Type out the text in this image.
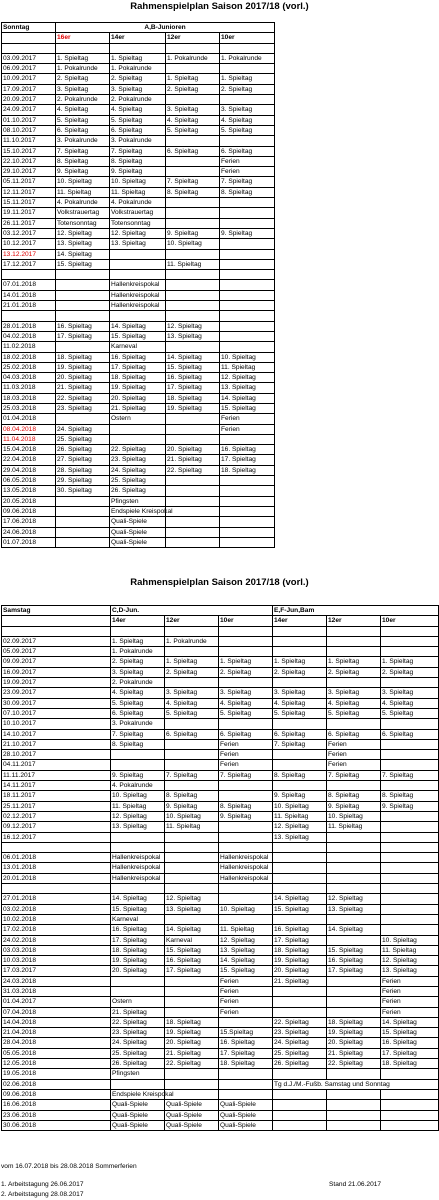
Rahmenspielplan Saison 2017/18 (vorl.)
Sonntag	A,B-Junioren			
	16er	14er	12er	10er

03.09.2017	1. Spieltag	1. Spieltag	1. Pokalrunde	1. Pokalrunde
06.09.2017	1. Pokalrunde	1. Pokalrunde		
10.09.2017	2. Spieltag	2. Spieltag	1. Spieltag	1. Spieltag
17.09.2017	3. Spieltag	3. Spieltag	2. Spieltag	2. Spieltag
20.09.2017	2. Pokalrunde	2. Pokalrunde		
24.09.2017	4. Spieltag	4. Spieltag	3. Spieltag	3. Spieltag
01.10.2017	5. Spieltag	5. Spieltag	4. Spieltag	4. Spieltag
08.10.2017	6. Spieltag	6. Spieltag	5. Spieltag	5. Spieltag
11.10.2017	3. Pokalrunde	3. Pokalrunde		
15.10.2017	7. Spieltag	7. Spieltag	6. Spieltag	6. Spieltag
22.10.2017	8. Spieltag	8. Spieltag		Ferien
29.10.2017	9. Spieltag	9. Spieltag		Ferien
05.11.2017	10. Spieltag	10. Spieltag	7. Spieltag	7. Spieltag
12.11.2017	11. Spieltag	11. Spieltag	8. Spieltag	8. Spieltag
15.11.2017	4. Pokalrunde	4. Pokalrunde		
19.11.2017	Volkstrauertag	Volkstrauertag		
26.11.2017	Totensonntag	Totensonntag		
03.12.2017	12. Spieltag	12. Spieltag	9. Spieltag	9. Spieltag
10.12.2017	13. Spieltag	13. Spieltag	10. Spieltag	
13.12.2017	14. Spieltag			
17.12.2017	15. Spieltag		11. Spieltag	

07.01.2018		Hallenkreispokal		
14.01.2018		Hallenkreispokal		
21.01.2018		Hallenkreispokal		

28.01.2018	16. Spieltag	14. Spieltag	12. Spieltag	
04.02.2018	17. Spieltag	15. Spieltag	13. Spieltag	
11.02.2018		Karneval		
18.02.2018	18. Spieltag	16. Spieltag	14. Spieltag	10. Spieltag
25.02.2018	19. Spieltag	17. Spieltag	15. Spieltag	11. Spieltag
04.03.2018	20. Spieltag	18. Spieltag	16. Spieltag	12. Spieltag
11.03.2018	21. Spieltag	19. Spieltag	17. Spieltag	13. Spieltag
18.03.2018	22. Spieltag	20. Spieltag	18. Spieltag	14. Spieltag
25.03.2018	23. Spieltag	21. Spieltag	19. Spieltag	15. Spieltag
01.04.2018		Ostern		Ferien
08.04.2018	24. Spieltag			Ferien
11.04.2018	25. Spieltag			
15.04.2018	26. Spieltag	22. Spieltag	20. Spieltag	16. Spieltag
22.04.2018	27. Spieltag	23. Spieltag	21. Spieltag	17. Spieltag
29.04.2018	28. Spieltag	24. Spieltag	22. Spieltag	18. Spieltag
06.05.2018	29. Spieltag	25. Spieltag		
13.05.2018	30. Spieltag	26. Spieltag		
20.05.2018		Pfingsten		
09.06.2018		Endspiele Kreispokal		
17.06.2018		Quali-Spiele		
24.06.2018		Quali-Spiele		
01.07.2018		Quali-Spiele		
Rahmenspielplan Saison 2017/18 (vorl.)
Samstag	C,D-Jun.			E,F-Jun,Bam		
	14er	12er	10er	14er	12er	10er

02.09.2017	1. Spieltag	1. Pokalrunde				
05.09.2017	1. Pokalrunde					
09.09.2017	2. Spieltag	1. Spieltag	1. Spieltag	1. Spieltag	1. Spieltag	1. Spieltag
16.09.2017	3. Spieltag	2. Spieltag	2. Spieltag	2. Spieltag	2. Spieltag	2. Spieltag
19.09.2017	2. Pokalrunde					
23.09.2017	4. Spieltag	3. Spieltag	3. Spieltag	3. Spieltag	3. Spieltag	3. Spieltag
30.09.2017	5. Spieltag	4. Spieltag	4. Spieltag	4. Spieltag	4. Spieltag	4. Spieltag
07.10.2017	6. Spieltag	5. Spieltag	5. Spieltag	5. Spieltag	5. Spieltag	5. Spieltag
10.10.2017	3. Pokalrunde					
14.10.2017	7. Spieltag	6. Spieltag	6. Spieltag	6. Spieltag	6. Spieltag	6. Spieltag
21.10.2017	8. Spieltag		Ferien	7. Spieltag	Ferien	
28.10.2017			Ferien		Ferien	
04.11.2017			Ferien		Ferien	
11.11.2017	9. Spieltag	7. Spieltag	7. Spieltag	8. Spieltag	7. Spieltag	7. Spieltag
14.11.2017	4. Pokalrunde					
18.11.2017	10. Spieltag	8. Spieltag		9. Spieltag	8. Spieltag	8. Spieltag
25.11.2017	11. Spieltag	9. Spieltag	8. Spieltag	10. Spieltag	9. Spieltag	9. Spieltag
02.12.2017	12. Spieltag	10. Spieltag	9. Spieltag	11. Spieltag	10. Spieltag	
09.12.2017	13. Spieltag	11. Spieltag		12. Spieltag	11. Spieltag	
16.12.2017				13. Spieltag		

06.01.2018	Hallenkreispokal		Hallenkreispokal			
13.01.2018	Hallenkreispokal		Hallenkreispokal			
20.01.2018	Hallenkreispokal		Hallenkreispokal			

27.01.2018	14. Spieltag	12. Spieltag		14. Spieltag	12. Spieltag	
03.02.2018	15. Spieltag	13. Spieltag	10. Spieltag	15. Spieltag	13. Spieltag	
10.02.2018	Karneval					
17.02.2018	16. Spieltag	14. Spieltag	11. Spieltag	16. Spieltag	14. Spieltag	
24.02.2018	17. Spieltag	Karneval	12. Spieltag	17. Spieltag		10. Spieltag
03.03.2018	18. Spieltag	15. Spieltag	13. Spieltag	18. Spieltag	15. Spieltag	11. Spieltag
10.03.2018	19. Spieltag	16. Spieltag	14. Spieltag	19. Spieltag	16. Spieltag	12. Spieltag
17.03.2017	20. Spieltag	17. Spieltag	15. Spieltag	20. Spieltag	17. Spieltag	13. Spieltag
24.03.2018			Ferien	21. Spieltag		Ferien
31.03.2018			Ferien			Ferien
01.04.2017	Ostern		Ferien			Ferien
07.04.2018	21. Spieltag		Ferien			Ferien
14.04.2018	22. Spieltag	18. Spieltag		22. Spieltag	18. Spieltag	14. Spieltag
21.04.2018	23. Spieltag	19. Spieltag	15.Spieltag	23. Spieltag	19. Spieltag	15. Spieltag
28.04.2018	24. Spieltag	20. Spieltag	16. Spieltag	24. Spieltag	20. Spieltag	16. Spieltag
05.05.2018	25. Spieltag	21. Spieltag	17. Spieltag	25. Spieltag	21. Spieltag	17. Spieltag
12.05.2018	26. Spieltag	22. Spieltag	18. Spieltag	26. Spieltag	22. Spieltag	18. Spieltag
19.05.2018	Pfingsten					
02.06.2018				Tg d.J./M.-Fußb. Samstag und Sonntag		
09.06.2018	Endspiele Kreispokal					
16.06.2018	Quali-Spiele	Quali-Spiele	Quali-Spiele			
23.06.2018	Quali-Spiele	Quali-Spiele	Quali-Spiele			
30.06.2018	Quali-Spiele	Quali-Spiele	Quali-Spiele			
vom 16.07.2018 bis 28.08.2018 Sommerferien
1. Arbeitstagung 26.06.2017
2. Arbeitstagung 28.08.2017
Stand 21.06.2017
